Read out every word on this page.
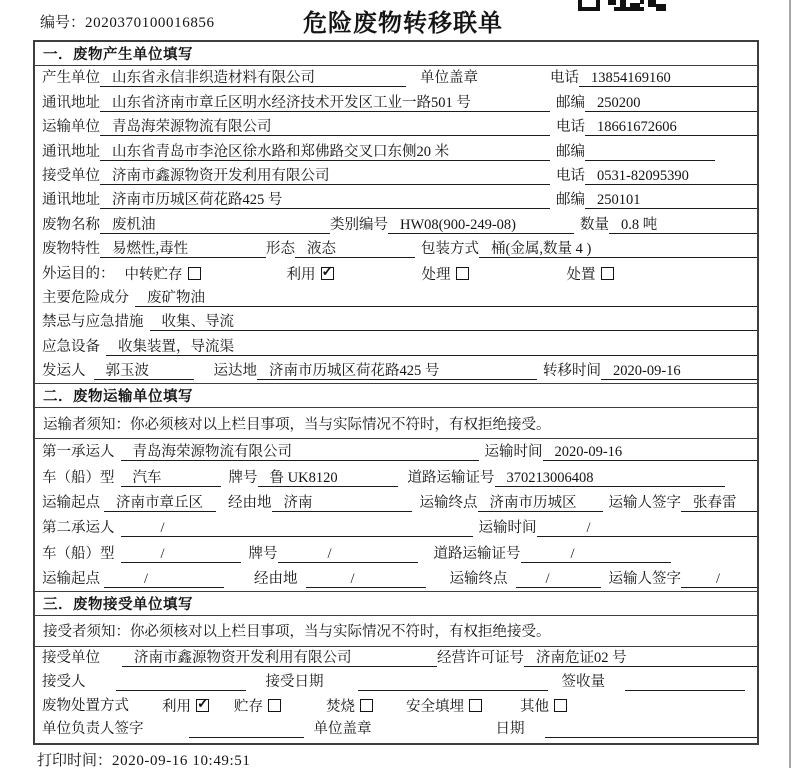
编号：2020370100016856	危险废物转移联单
一．废物产生单位填写
产生单位 山东省永信非织造材料有限公司	单位盖章	电话 13854169160
通讯地址 山东省济南市章丘区明水经济技术开发区工业一路501 号	邮编 250200
运输单位 青岛海荣源物流有限公司	电话 18661672606
通讯地址 山东省青岛市李沧区徐水路和郑佛路交叉口东侧20 米	邮编
接受单位 济南市鑫源物资开发利用有限公司	电话 0531-82095390
通讯地址 济南市历城区荷花路425 号	邮编 250101
废物名称 废机油	类别编号 HW08(900-249-08)	数量 0.8 吨
废物特性 易燃性,毒性	形态 液态	包装方式 桶(金属,数量 4 )
外运目的： 中转贮存	利用 ✓	处理	处置
主要危险成分	废矿物油
禁忌与应急措施	收集、导流
应急设备	收集装置，导流渠
发运人	郭玉波	运达地 济南市历城区荷花路425 号	转移时间 2020-09-16
二．废物运输单位填写
运输者须知：你必须核对以上栏目事项，当与实际情况不符时，有权拒绝接受。
第一承运人	青岛海荣源物流有限公司	运输时间 2020-09-16
车（船）型	汽车	牌号 鲁 UK8120	道路运输证号 370213006408
运输起点	济南市章丘区	经由地 济南	运输终点 济南市历城区	运输人签字 张春雷
第二承运人	/	运输时间	/
车（船）型	/	牌号	/	道路运输证号	/
运输起点	/	经由地	/	运输终点	/	运输人签字	/
三．废物接受单位填写
接受者须知：你必须核对以上栏目事项，当与实际情况不符时，有权拒绝接受。
接受单位	济南市鑫源物资开发利用有限公司	经营许可证号 济南危证02 号
接受人	接受日期	签收量
废物处置方式 利用 ✓	贮存	焚烧	安全填埋	其他
单位负责人签字	单位盖章	日期
打印时间：2020-09-16 10:49:51
